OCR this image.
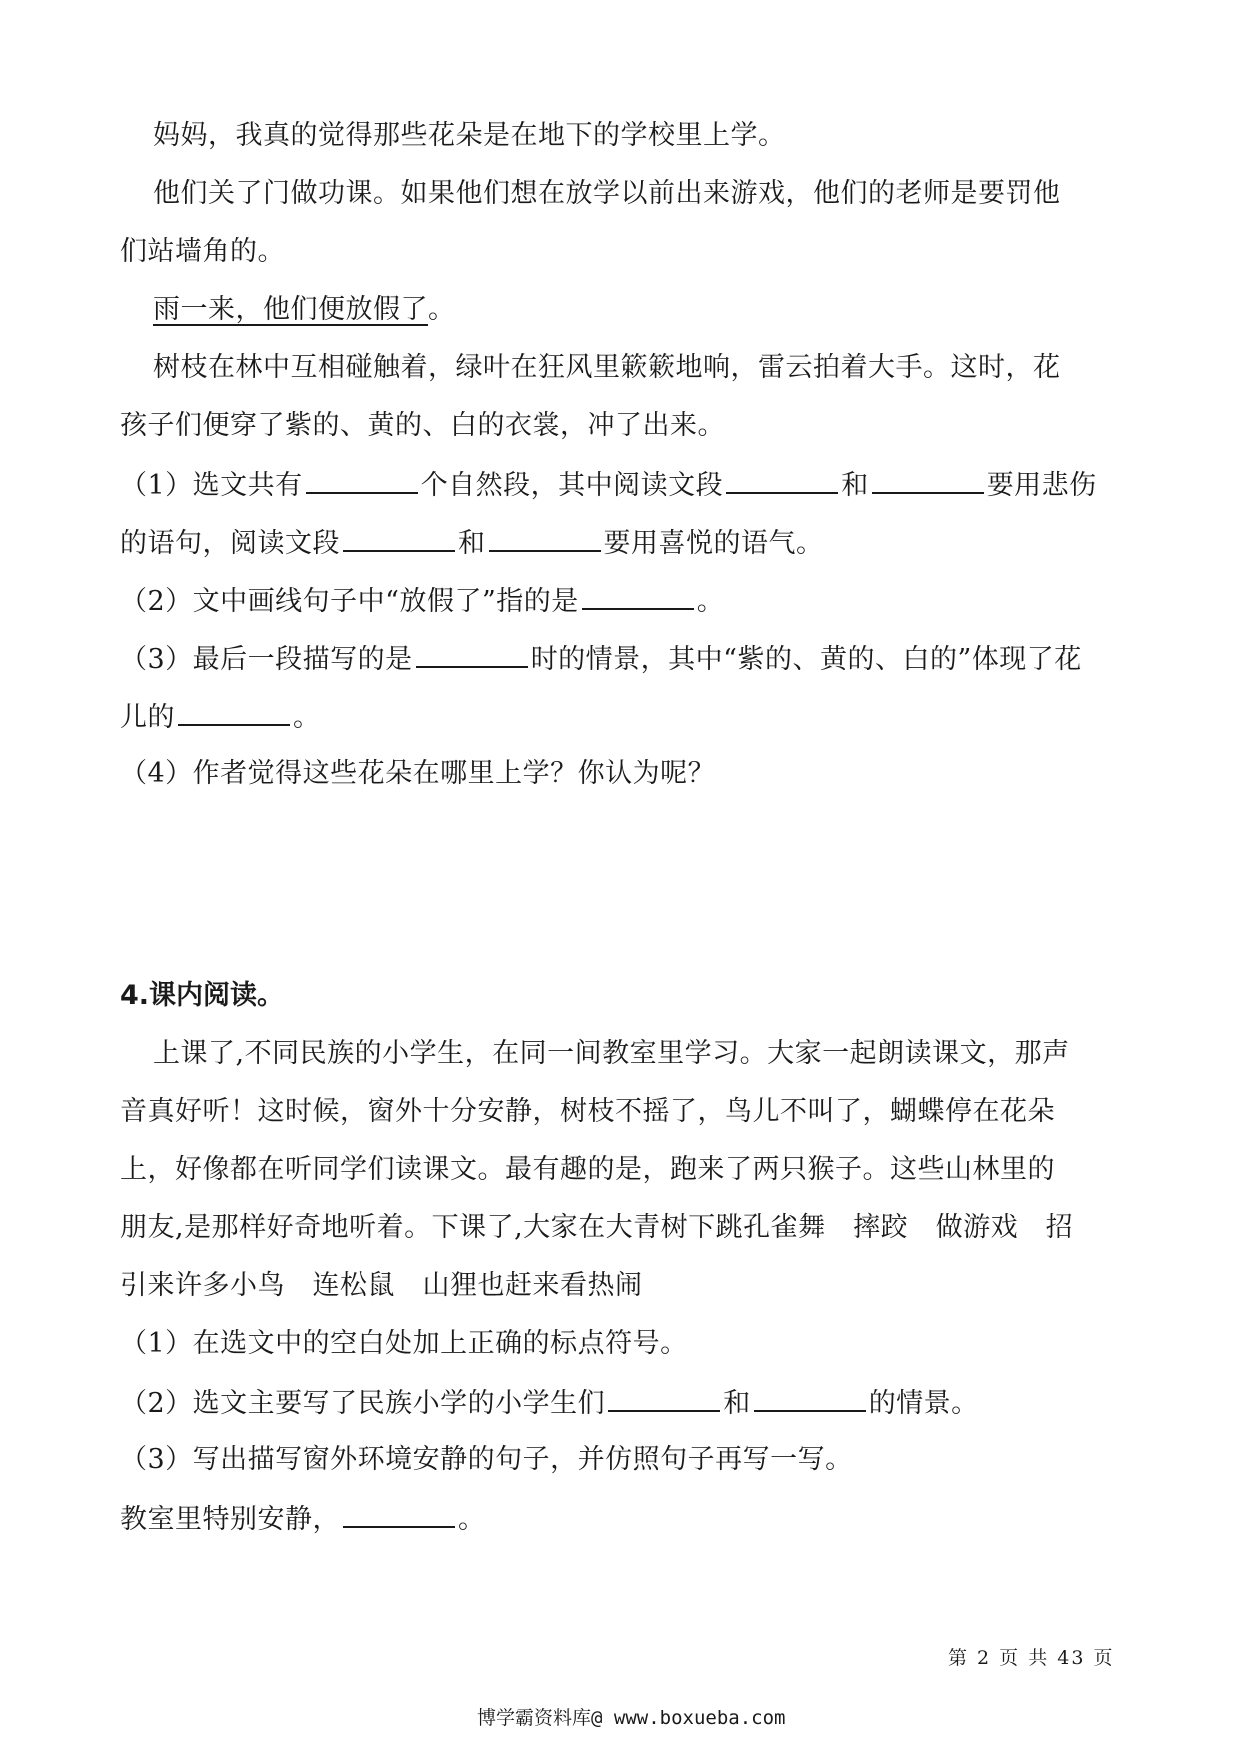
妈妈，我真的觉得那些花朵是在地下的学校里上学。
他们关了门做功课。如果他们想在放学以前出来游戏，他们的老师是要罚他
们站墙角的。
雨一来，他们便放假了。
树枝在林中互相碰触着，绿叶在狂风里簌簌地响，雷云拍着大手。这时，花
孩子们便穿了紫的、黄的、白的衣裳，冲了出来。
（1）选文共有	个自然段，其中阅读文段	和	要用悲伤
的语句，阅读文段	和	要用喜悦的语气。
（2）文中画线句子中“放假了”指的是	。
（3）最后一段描写的是	时的情景，其中“紫的、黄的、白的”体现了花
儿的	。
（4）作者觉得这些花朵在哪里上学？你认为呢？
4.课内阅读。
上课了,不同民族的小学生，在同一间教室里学习。大家一起朗读课文，那声
音真好听！这时候，窗外十分安静，树枝不摇了，鸟儿不叫了，蝴蝶停在花朵
上，好像都在听同学们读课文。最有趣的是，跑来了两只猴子。这些山林里的
朋友,是那样好奇地听着。下课了,大家在大青树下跳孔雀舞　摔跤　做游戏　招
引来许多小鸟　连松鼠　山狸也赶来看热闹
（1）在选文中的空白处加上正确的标点符号。
（2）选文主要写了民族小学的小学生们	和	的情景。
（3）写出描写窗外环境安静的句子，并仿照句子再写一写。
教室里特别安静，	。
第 2 页 共 43 页
博学霸资料库@ www.boxueba.com
